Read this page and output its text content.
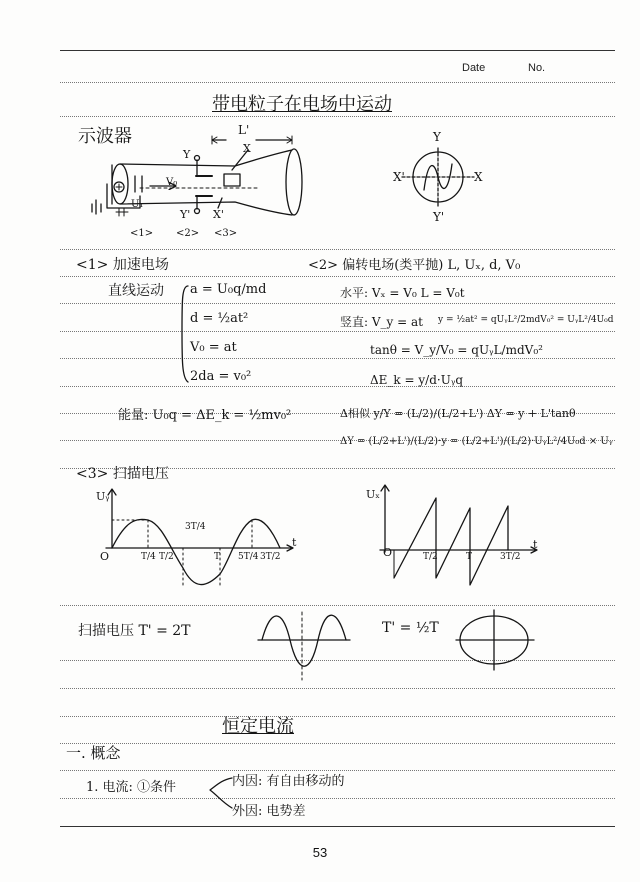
Date	No.
带电粒子在电场中运动
示波器	L'
Y
Y'
X
X'
V₀
U₁
<1> <2> <3>
Y
Y'
X
X'
<1> 加速电场
直线运动 a = U₀q/md
d = ½at²
V₀ = at
2da = v₀²
能量: U₀q = ΔE_k = ½mv₀²
<2> 偏转电场(类平抛) L, Uₓ, d, V₀
水平: Vₓ = V₀ L = V₀t
竖直: V_y = at y = ½at² = qUᵧL²/2mdV₀² = UᵧL²/4U₀d
tanθ = V_y/V₀ = qUᵧL/mdV₀²
ΔE_k = y/d·Uᵧq
Δ相似 y/Y = (L/2)/(L/2+L') ΔY = y + L'tanθ
ΔY = (L/2+L')/(L/2)·y = (L/2+L')/(L/2)·UᵧL²/4U₀d × Uᵧ
<3> 扫描电压
Uᵧ
t
O	T/4 T/2
3T/4
T 5T/4 3T/2
Uₓ
t
O	T/2	T	3T/2
扫描电压 T' = 2T	T' = ½T
恒定电流
一. 概念
1. 电流: ①条件	内因: 有自由移动的
外因: 电势差
53
